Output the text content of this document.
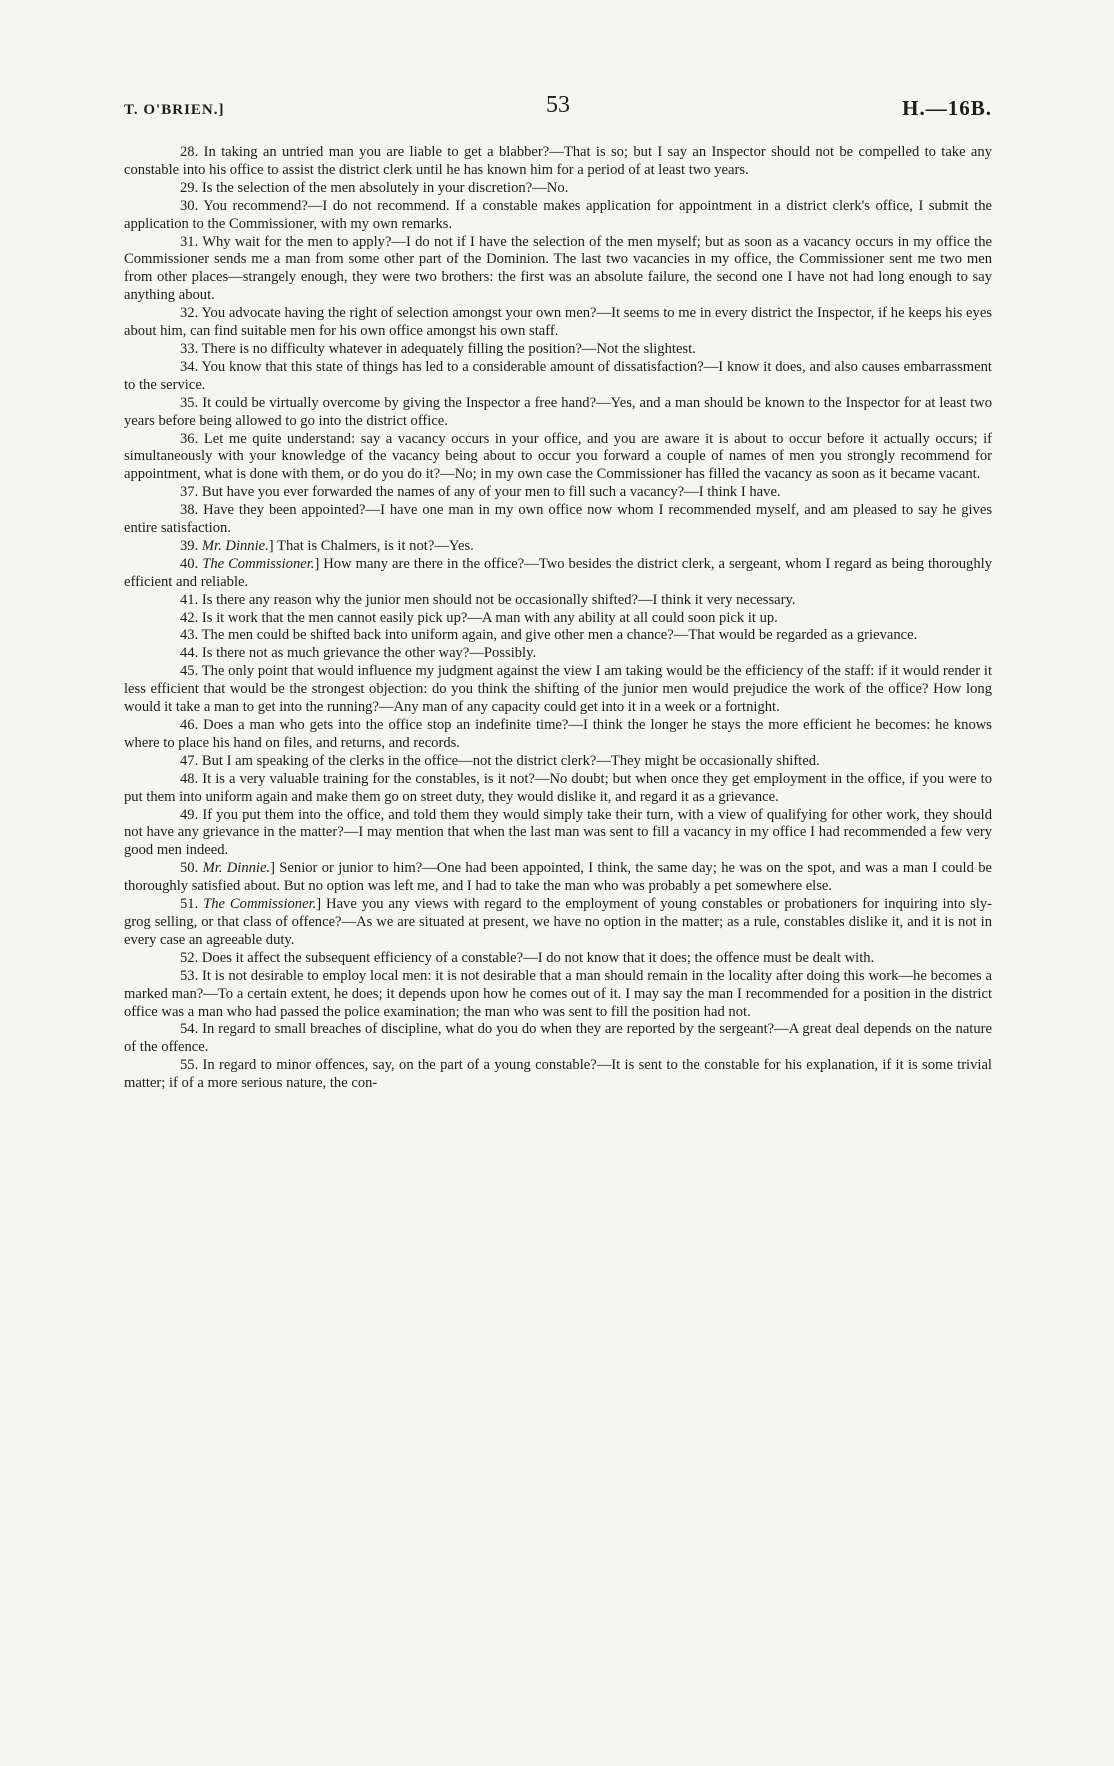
T. O'BRIEN.]	53	H.—16B.

28. In taking an untried man you are liable to get a blabber?—That is so; but I say an Inspector should not be compelled to take any constable into his office to assist the district clerk until he has known him for a period of at least two years.

29. Is the selection of the men absolutely in your discretion?—No.

30. You recommend?—I do not recommend. If a constable makes application for appointment in a district clerk's office, I submit the application to the Commissioner, with my own remarks.

31. Why wait for the men to apply?—I do not if I have the selection of the men myself; but as soon as a vacancy occurs in my office the Commissioner sends me a man from some other part of the Dominion. The last two vacancies in my office, the Commissioner sent me two men from other places—strangely enough, they were two brothers: the first was an absolute failure, the second one I have not had long enough to say anything about.

32. You advocate having the right of selection amongst your own men?—It seems to me in every district the Inspector, if he keeps his eyes about him, can find suitable men for his own office amongst his own staff.

33. There is no difficulty whatever in adequately filling the position?—Not the slightest.

34. You know that this state of things has led to a considerable amount of dissatisfaction?—I know it does, and also causes embarrassment to the service.

35. It could be virtually overcome by giving the Inspector a free hand?—Yes, and a man should be known to the Inspector for at least two years before being allowed to go into the district office.

36. Let me quite understand: say a vacancy occurs in your office, and you are aware it is about to occur before it actually occurs; if simultaneously with your knowledge of the vacancy being about to occur you forward a couple of names of men you strongly recommend for appointment, what is done with them, or do you do it?—No; in my own case the Commissioner has filled the vacancy as soon as it became vacant.

37. But have you ever forwarded the names of any of your men to fill such a vacancy?—I think I have.

38. Have they been appointed?—I have one man in my own office now whom I recommended myself, and am pleased to say he gives entire satisfaction.

39. Mr. Dinnie.] That is Chalmers, is it not?—Yes.

40. The Commissioner.] How many are there in the office?—Two besides the district clerk, a sergeant, whom I regard as being thoroughly efficient and reliable.

41. Is there any reason why the junior men should not be occasionally shifted?—I think it very necessary.

42. Is it work that the men cannot easily pick up?—A man with any ability at all could soon pick it up.

43. The men could be shifted back into uniform again, and give other men a chance?—That would be regarded as a grievance.

44. Is there not as much grievance the other way?—Possibly.

45. The only point that would influence my judgment against the view I am taking would be the efficiency of the staff: if it would render it less efficient that would be the strongest objection: do you think the shifting of the junior men would prejudice the work of the office? How long would it take a man to get into the running?—Any man of any capacity could get into it in a week or a fortnight.

46. Does a man who gets into the office stop an indefinite time?—I think the longer he stays the more efficient he becomes: he knows where to place his hand on files, and returns, and records.

47. But I am speaking of the clerks in the office—not the district clerk?—They might be occasionally shifted.

48. It is a very valuable training for the constables, is it not?—No doubt; but when once they get employment in the office, if you were to put them into uniform again and make them go on street duty, they would dislike it, and regard it as a grievance.

49. If you put them into the office, and told them they would simply take their turn, with a view of qualifying for other work, they should not have any grievance in the matter?—I may mention that when the last man was sent to fill a vacancy in my office I had recommended a few very good men indeed.

50. Mr. Dinnie.] Senior or junior to him?—One had been appointed, I think, the same day; he was on the spot, and was a man I could be thoroughly satisfied about. But no option was left me, and I had to take the man who was probably a pet somewhere else.

51. The Commissioner.] Have you any views with regard to the employment of young constables or probationers for inquiring into sly-grog selling, or that class of offence?—As we are situated at present, we have no option in the matter; as a rule, constables dislike it, and it is not in every case an agreeable duty.

52. Does it affect the subsequent efficiency of a constable?—I do not know that it does; the offence must be dealt with.

53. It is not desirable to employ local men: it is not desirable that a man should remain in the locality after doing this work—he becomes a marked man?—To a certain extent, he does; it depends upon how he comes out of it. I may say the man I recommended for a position in the district office was a man who had passed the police examination; the man who was sent to fill the position had not.

54. In regard to small breaches of discipline, what do you do when they are reported by the sergeant?—A great deal depends on the nature of the offence.

55. In regard to minor offences, say, on the part of a young constable?—It is sent to the constable for his explanation, if it is some trivial matter; if of a more serious nature, the con-
